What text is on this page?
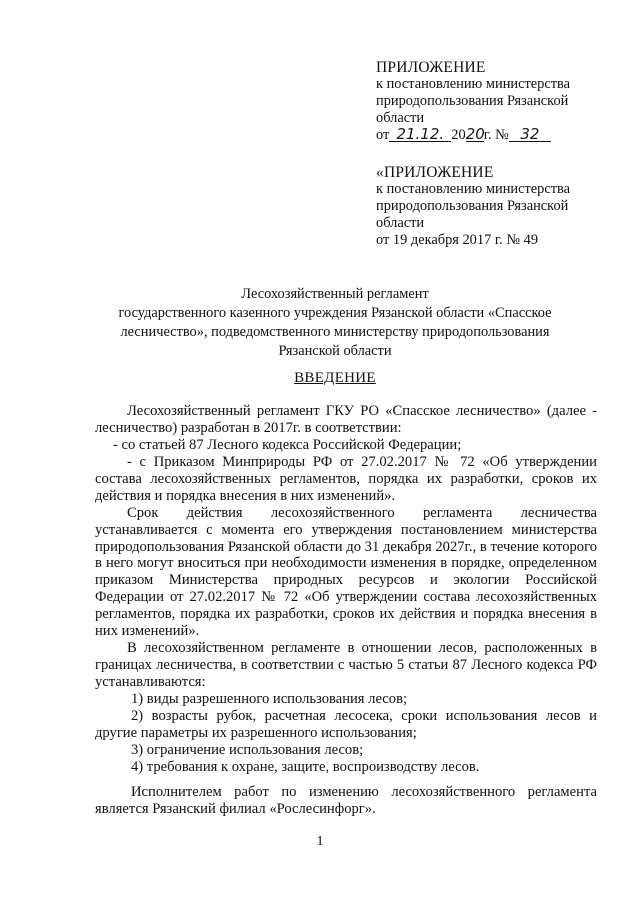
ПРИЛОЖЕНИЕ
к постановлению министерства
природопользования Рязанской
области
от 21.12. 2020г. № 32
«ПРИЛОЖЕНИЕ
к постановлению министерства
природопользования Рязанской
области
от 19 декабря 2017 г. № 49
Лесохозяйственный регламент
государственного казенного учреждения Рязанской области «Спасское
лесничество», подведомственного министерству природопользования
Рязанской области
ВВЕДЕНИЕ
Лесохозяйственный регламент ГКУ РО «Спасское лесничество» (далее - лесничество) разработан в 2017г. в соответствии:
- со статьей 87 Лесного кодекса Российской Федерации;
- с Приказом Минприроды РФ от 27.02.2017 № 72 «Об утверждении состава лесохозяйственных регламентов, порядка их разработки, сроков их действия и порядка внесения в них изменений».
Срок действия лесохозяйственного регламента лесничества устанавливается с момента его утверждения постановлением министерства природопользования Рязанской области до 31 декабря 2027г., в течение которого в него могут вноситься при необходимости изменения в порядке, определенном приказом Министерства природных ресурсов и экологии Российской Федерации от 27.02.2017 № 72 «Об утверждении состава лесохозяйственных регламентов, порядка их разработки, сроков их действия и порядка внесения в них изменений».
В лесохозяйственном регламенте в отношении лесов, расположенных в границах лесничества, в соответствии с частью 5 статьи 87 Лесного кодекса РФ устанавливаются:
1) виды разрешенного использования лесов;
2) возрасты рубок, расчетная лесосека, сроки использования лесов и другие параметры их разрешенного использования;
3) ограничение использования лесов;
4) требования к охране, защите, воспроизводству лесов.
Исполнителем работ по изменению лесохозяйственного регламента является Рязанский филиал «Рослесинфорг».
1
